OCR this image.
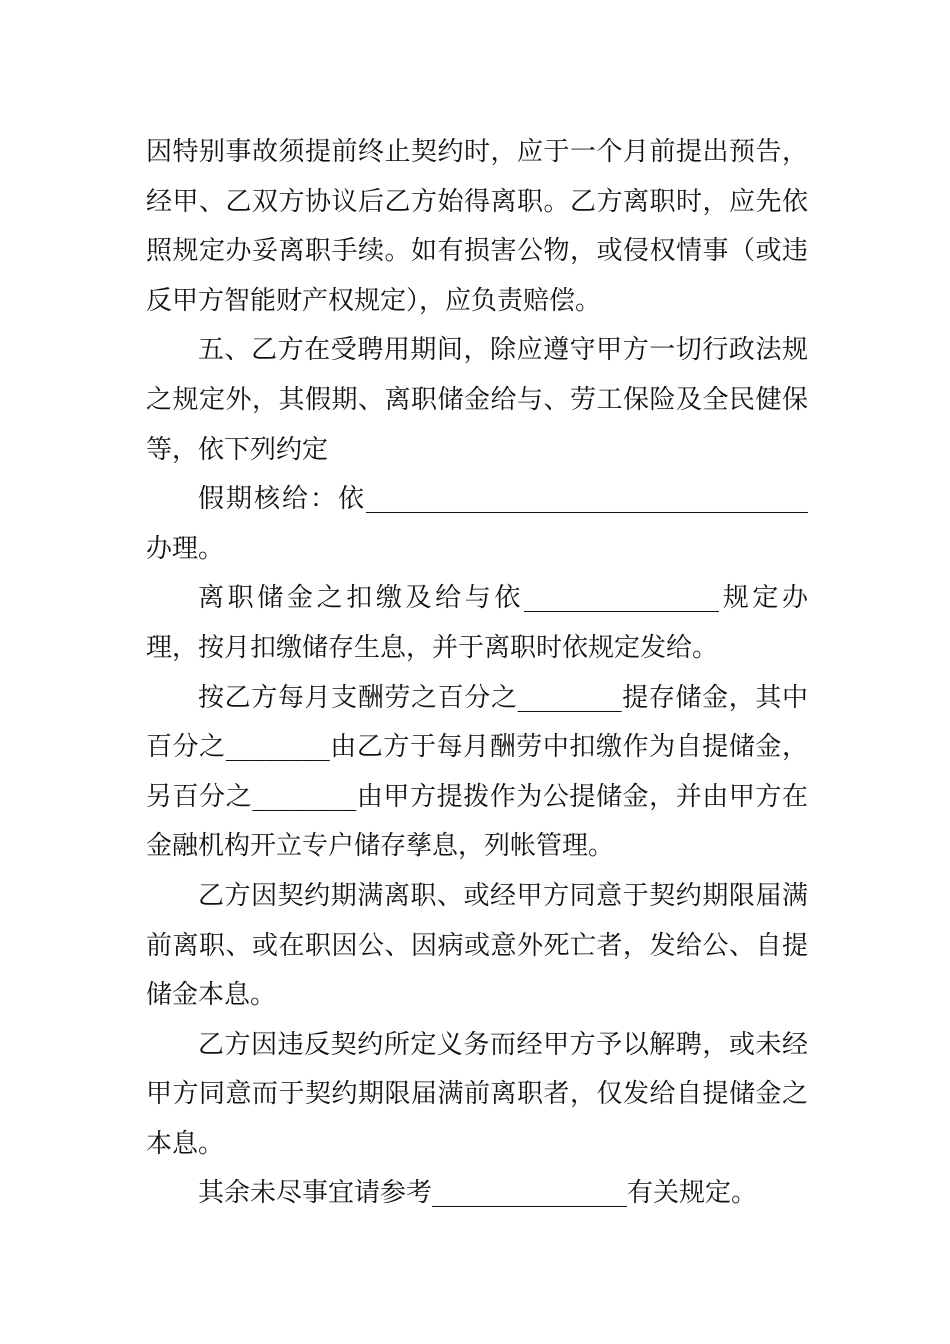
因特别事故须提前终止契约时，应于一个月前提出预告，经甲、乙双方协议后乙方始得离职。乙方离职时，应先依照规定办妥离职手续。如有损害公物，或侵权情事（或违反甲方智能财产权规定），应负责赔偿。

五、乙方在受聘用期间，除应遵守甲方一切行政法规之规定外，其假期、离职储金给与、劳工保险及全民健保等，依下列约定

假期核给：依__________________________________办理。

离职储金之扣缴及给与依_______________规定办理，按月扣缴储存生息，并于离职时依规定发给。

按乙方每月支酬劳之百分之________提存储金，其中百分之________由乙方于每月酬劳中扣缴作为自提储金，另百分之________由甲方提拨作为公提储金，并由甲方在金融机构开立专户储存孳息，列帐管理。

乙方因契约期满离职、或经甲方同意于契约期限届满前离职、或在职因公、因病或意外死亡者，发给公、自提储金本息。

乙方因违反契约所定义务而经甲方予以解聘，或未经甲方同意而于契约期限届满前离职者，仅发给自提储金之本息。

其余未尽事宜请参考_______________有关规定。
